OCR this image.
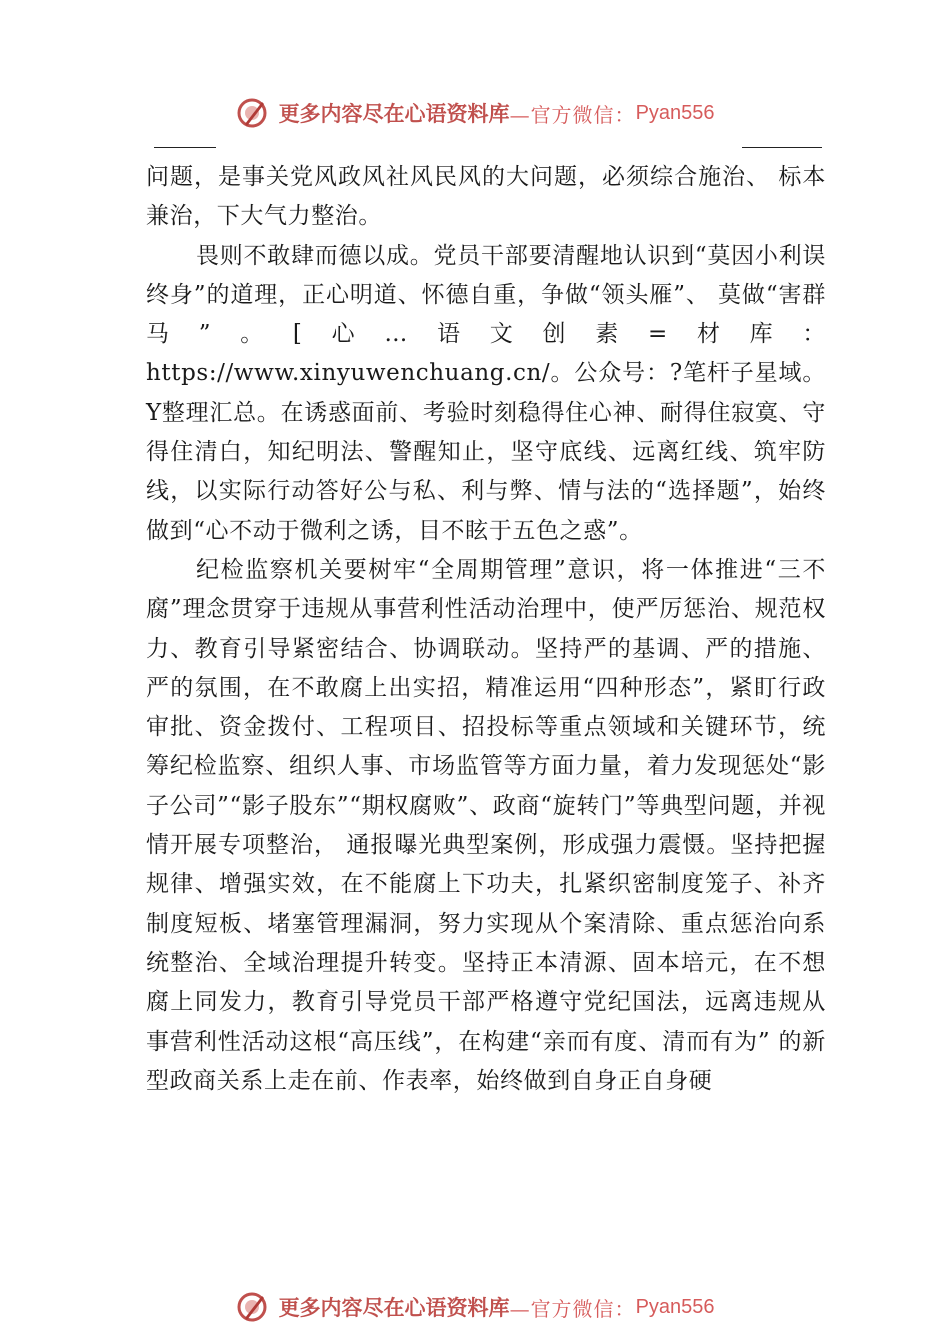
更多内容尽在心语资料库—官方微信：Pyan556

问题，是事关党风政风社风民风的大问题，必须综合施治、 标本兼治，下大气力整治。

畏则不敢肆而德以成。党员干部要清醒地认识到“莫因小利误终身”的道理，正心明道、怀德自重，争做“领头雁”、 莫做“害群马”。[心…语文创素=材库：https://www.xinyuwenchuang.cn/。公众号：?笔杆子星域。Y整理汇总。在诱惑面前、考验时刻稳得住心神、耐得住寂寞、守得住清白，知纪明法、警醒知止，坚守底线、远离红线、筑牢防线，以实际行动答好公与私、利与弊、情与法的“选择题”，始终做到“心不动于微利之诱，目不眩于五色之惑”。

纪检监察机关要树牢“全周期管理”意识，将一体推进“三不腐”理念贯穿于违规从事营利性活动治理中，使严厉惩治、规范权力、教育引导紧密结合、协调联动。坚持严的基调、严的措施、严的氛围，在不敢腐上出实招，精准运用“四种形态”，紧盯行政审批、资金拨付、工程项目、招投标等重点领域和关键环节，统筹纪检监察、组织人事、市场监管等方面力量，着力发现惩处“影子公司”“影子股东”“期权腐败”、政商“旋转门”等典型问题，并视情开展专项整治， 通报曝光典型案例，形成强力震慑。坚持把握规律、增强实效，在不能腐上下功夫，扎紧织密制度笼子、补齐制度短板、堵塞管理漏洞，努力实现从个案清除、重点惩治向系统整治、全域治理提升转变。坚持正本清源、固本培元，在不想腐上同发力，教育引导党员干部严格遵守党纪国法，远离违规从事营利性活动这根“高压线”，在构建“亲而有度、清而有为” 的新型政商关系上走在前、作表率，始终做到自身正自身硬

更多内容尽在心语资料库—官方微信：Pyan556
